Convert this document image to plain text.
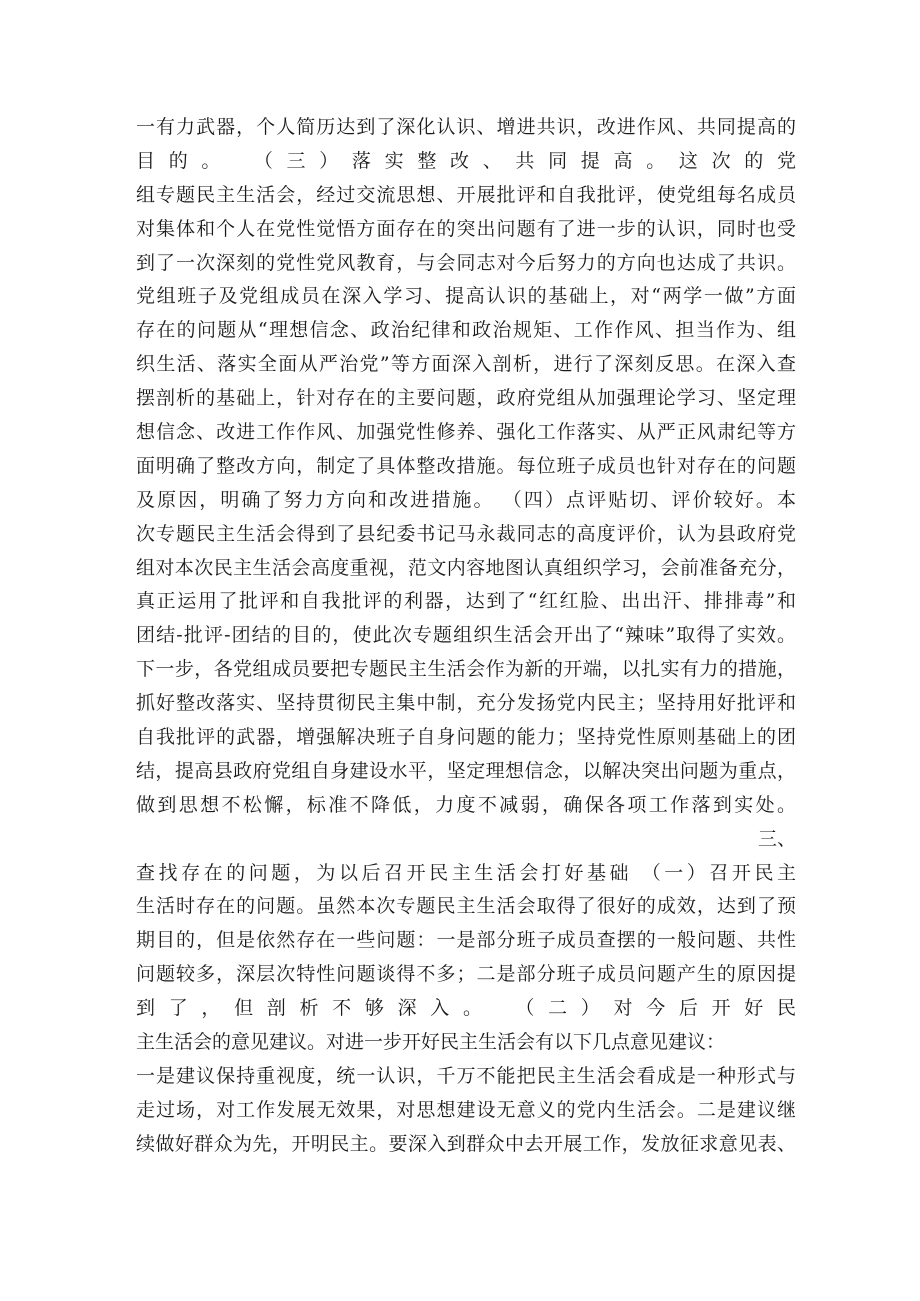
一有力武器，个人简历达到了深化认识、增进共识，改进作风、共同提高的
目的。 （三）落实整改、共同提高。这次的党
组专题民主生活会，经过交流思想、开展批评和自我批评，使党组每名成员
对集体和个人在党性觉悟方面存在的突出问题有了进一步的认识，同时也受
到了一次深刻的党性党风教育，与会同志对今后努力的方向也达成了共识。
党组班子及党组成员在深入学习、提高认识的基础上，对“两学一做”方面
存在的问题从“理想信念、政治纪律和政治规矩、工作作风、担当作为、组
织生活、落实全面从严治党”等方面深入剖析，进行了深刻反思。在深入查
摆剖析的基础上，针对存在的主要问题，政府党组从加强理论学习、坚定理
想信念、改进工作作风、加强党性修养、强化工作落实、从严正风肃纪等方
面明确了整改方向，制定了具体整改措施。每位班子成员也针对存在的问题
及原因，明确了努力方向和改进措施。 （四）点评贴切、评价较好。本
次专题民主生活会得到了县纪委书记马永裁同志的高度评价，认为县政府党
组对本次民主生活会高度重视，范文内容地图认真组织学习，会前准备充分，
真正运用了批评和自我批评的利器，达到了“红红脸、出出汗、排排毒”和
团结-批评-团结的目的，使此次专题组织生活会开出了“辣味”取得了实效。
下一步，各党组成员要把专题民主生活会作为新的开端，以扎实有力的措施，
抓好整改落实、坚持贯彻民主集中制，充分发扬党内民主；坚持用好批评和
自我批评的武器，增强解决班子自身问题的能力；坚持党性原则基础上的团
结，提高县政府党组自身建设水平，坚定理想信念，以解决突出问题为重点，
做到思想不松懈，标准不降低，力度不减弱，确保各项工作落到实处。
三、
查找存在的问题，为以后召开民主生活会打好基础 （一）召开民主
生活时存在的问题。虽然本次专题民主生活会取得了很好的成效，达到了预
期目的，但是依然存在一些问题：一是部分班子成员查摆的一般问题、共性
问题较多，深层次特性问题谈得不多；二是部分班子成员问题产生的原因提
到了，但剖析不够深入。 （二）对今后开好民
主生活会的意见建议。对进一步开好民主生活会有以下几点意见建议：
一是建议保持重视度，统一认识，千万不能把民主生活会看成是一种形式与
走过场，对工作发展无效果，对思想建设无意义的党内生活会。二是建议继
续做好群众为先，开明民主。要深入到群众中去开展工作，发放征求意见表、
